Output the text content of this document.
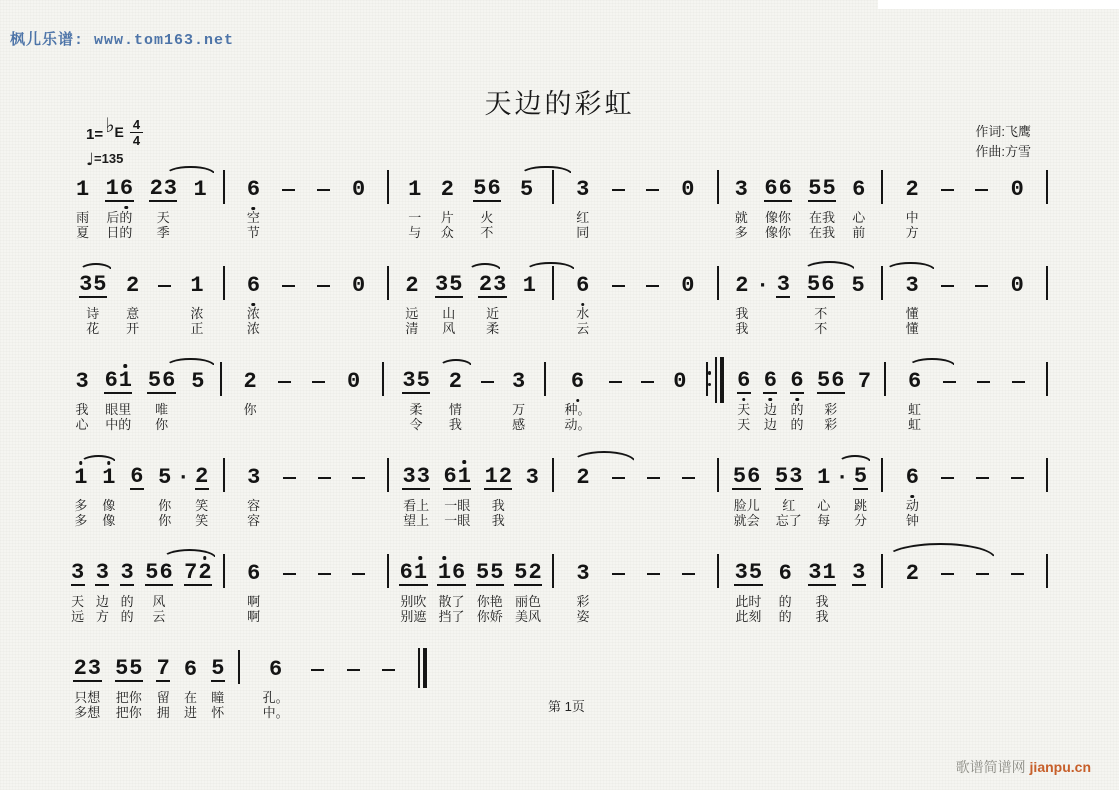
枫儿乐谱: www.tom163.net
天边的彩虹
1= ♭E $\frac{4}{4}$
♩=135
作词:飞鹰
作曲:方雪
1
雨
夏
1 6
后的
日的
2 3
天
季
1 6
空
节
0 1
一
与
2
片
众
5 6
火
不
5 3
红
同
0 3
就
多
6 6
像你
像你
5 5
在我
在我
6
心
前
2
中
方
0
3 5
诗
花
2
意
开
1
浓
正
6
浓
浓
0 2
远
清
3 5
山
风
2 3
近
柔
1 6
水
云
0 2
我
我
· 3 5 6
不
不
5 3
懂
懂
0
3
我
心
6 1
眼里
中的
5 6
唯
你
5 2
你
0 3 5
柔
令
2
情
我
3
万
感
6
种。
动。
0 6
天
天
6
边
边
6
的
的
5 6
彩
彩
7 6
虹
虹
1
多
多
1
像
像
6 5
你
你
· 2
笑
笑
3
容
容
3 3
看上
望上
6 1
一眼
一眼
1 2
我
我
3 2	5 6
脸儿
就会
5 3
红
忘了
1
心
每
· 5
跳
分
6
动
钟
3
天
远
3
边
方
3
的
的
5 6
风
云
7 2 6
啊
啊
6 1
别吹
别遮
1 6
散了
挡了
5 5
你艳
你娇
5 2
丽色
美风
3
彩
姿
3 5
此时
此刻
6
的
的
3 1
我
我
3 2
2 3
只想
多想
5 5
把你
把你
7
留
拥
6
在
进
5
瞳
怀
6
孔。
中。	第 1页
歌谱简谱网 jianpu.cn
